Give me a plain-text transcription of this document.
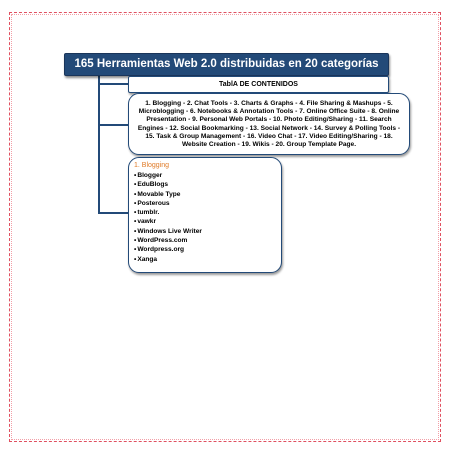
165 Herramientas Web 2.0 distribuidas en 20 categorías
TablA DE CONTENIDOS
1. Blogging - 2. Chat Tools - 3. Charts & Graphs - 4. File Sharing & Mashups - 5. Microblogging - 6. Notebooks & Annotation Tools - 7. Online Office Suite - 8. Online Presentation - 9. Personal Web Portals - 10. Photo Editing/Sharing - 11. Search Engines - 12. Social Bookmarking - 13. Social Network - 14. Survey & Polling Tools - 15. Task & Group Management - 16. Video Chat - 17. Video Editing/Sharing - 18. Website Creation - 19. Wikis - 20. Group Template Page.
1. Blogging
• Blogger
• EduBlogs
• Movable Type
• Posterous
• tumblr.
• vawkr
• Windows Live Writer
• WordPress.com
• Wordpress.org
• Xanga
